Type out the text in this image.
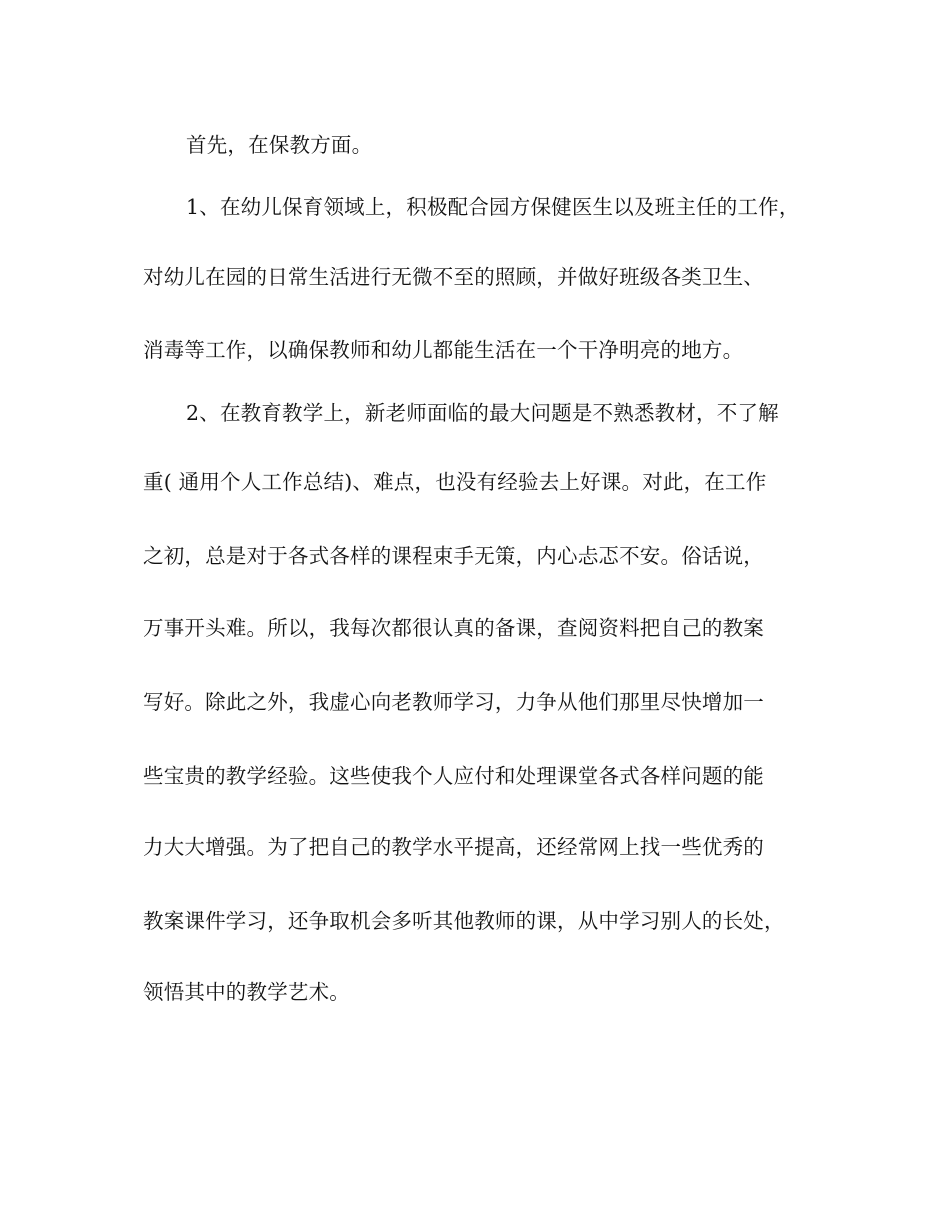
首先，在保教方面。
1、在幼儿保育领域上，积极配合园方保健医生以及班主任的工作，
对幼儿在园的日常生活进行无微不至的照顾，并做好班级各类卫生、
消毒等工作，以确保教师和幼儿都能生活在一个干净明亮的地方。
2、在教育教学上，新老师面临的最大问题是不熟悉教材，不了解
重( 通用个人工作总结)、难点，也没有经验去上好课。对此，在工作
之初，总是对于各式各样的课程束手无策，内心忐忑不安。俗话说，
万事开头难。所以，我每次都很认真的备课，查阅资料把自己的教案
写好。除此之外，我虚心向老教师学习，力争从他们那里尽快增加一
些宝贵的教学经验。这些使我个人应付和处理课堂各式各样问题的能
力大大增强。为了把自己的教学水平提高，还经常网上找一些优秀的
教案课件学习，还争取机会多听其他教师的课，从中学习别人的长处，
领悟其中的教学艺术。
